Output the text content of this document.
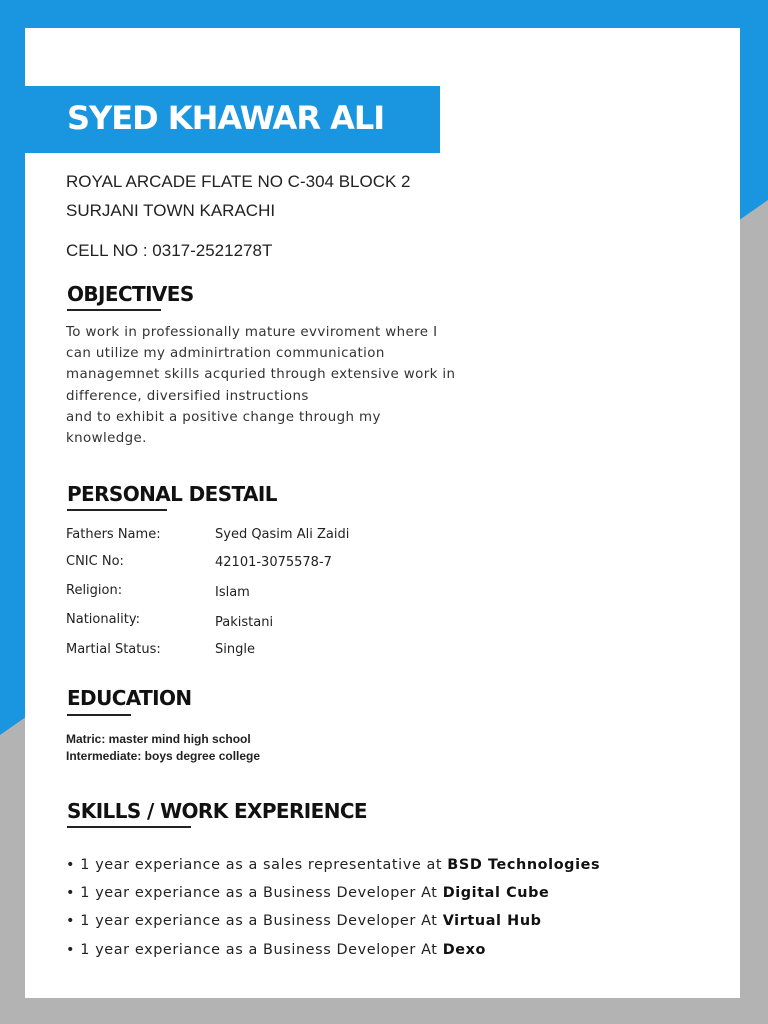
SYED KHAWAR ALI
ROYAL ARCADE FLATE NO C-304 BLOCK 2
SURJANI TOWN KARACHI
CELL NO : 0317-2521278T
OBJECTIVES
To work in professionally mature evviroment where I
can utilize my adminirtration communication
managemnet skills acquried through extensive work in
difference, diversified instructions
and to exhibit a positive change through my
knowledge.
PERSONAL DESTAIL
Fathers Name:	Syed Qasim Ali Zaidi
CNIC No:	42101-3075578-7
Religion:	Islam
Nationality:	Pakistani
Martial Status:	Single
EDUCATION
Matric: master mind high school
Intermediate: boys degree college
SKILLS / WORK EXPERIENCE
• 1 year experiance as a sales representative at BSD Technologies
• 1 year experiance as a Business Developer At Digital Cube
• 1 year experiance as a Business Developer At Virtual Hub
• 1 year experiance as a Business Developer At Dexo
